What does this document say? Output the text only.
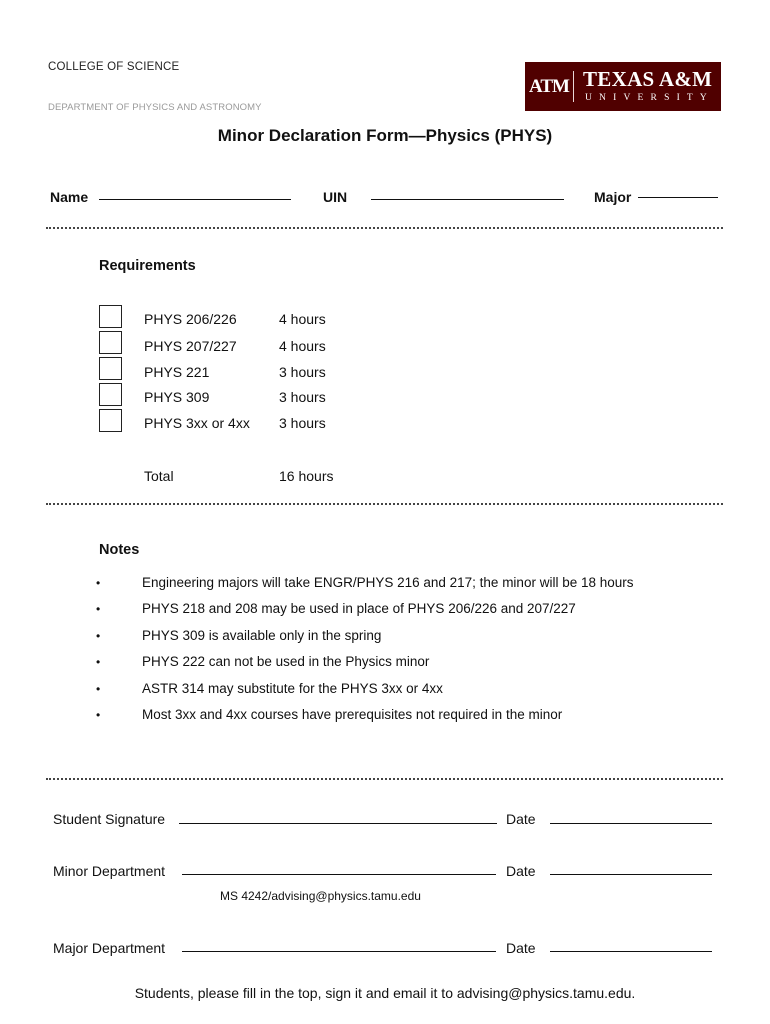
COLLEGE OF SCIENCE
DEPARTMENT OF PHYSICS AND ASTRONOMY
ATM TEXAS A&M
UNIVERSITY
Minor Declaration Form—Physics (PHYS)
Name	UIN	Major
Requirements
PHYS 206/226	4 hours
PHYS 207/227	4 hours
PHYS 221	3 hours
PHYS 309	3 hours
PHYS 3xx or 4xx 3 hours
Total	16 hours
Notes
•	Engineering majors will take ENGR/PHYS 216 and 217; the minor will be 18 hours
•	PHYS 218 and 208 may be used in place of PHYS 206/226 and 207/227
•	PHYS 309 is available only in the spring
•	PHYS 222 can not be used in the Physics minor
•	ASTR 314 may substitute for the PHYS 3xx or 4xx
•	Most 3xx and 4xx courses have prerequisites not required in the minor
Student Signature	Date
Minor Department	Date
MS 4242/advising@physics.tamu.edu
Major Department	Date
Students, please fill in the top, sign it and email it to advising@physics.tamu.edu.
